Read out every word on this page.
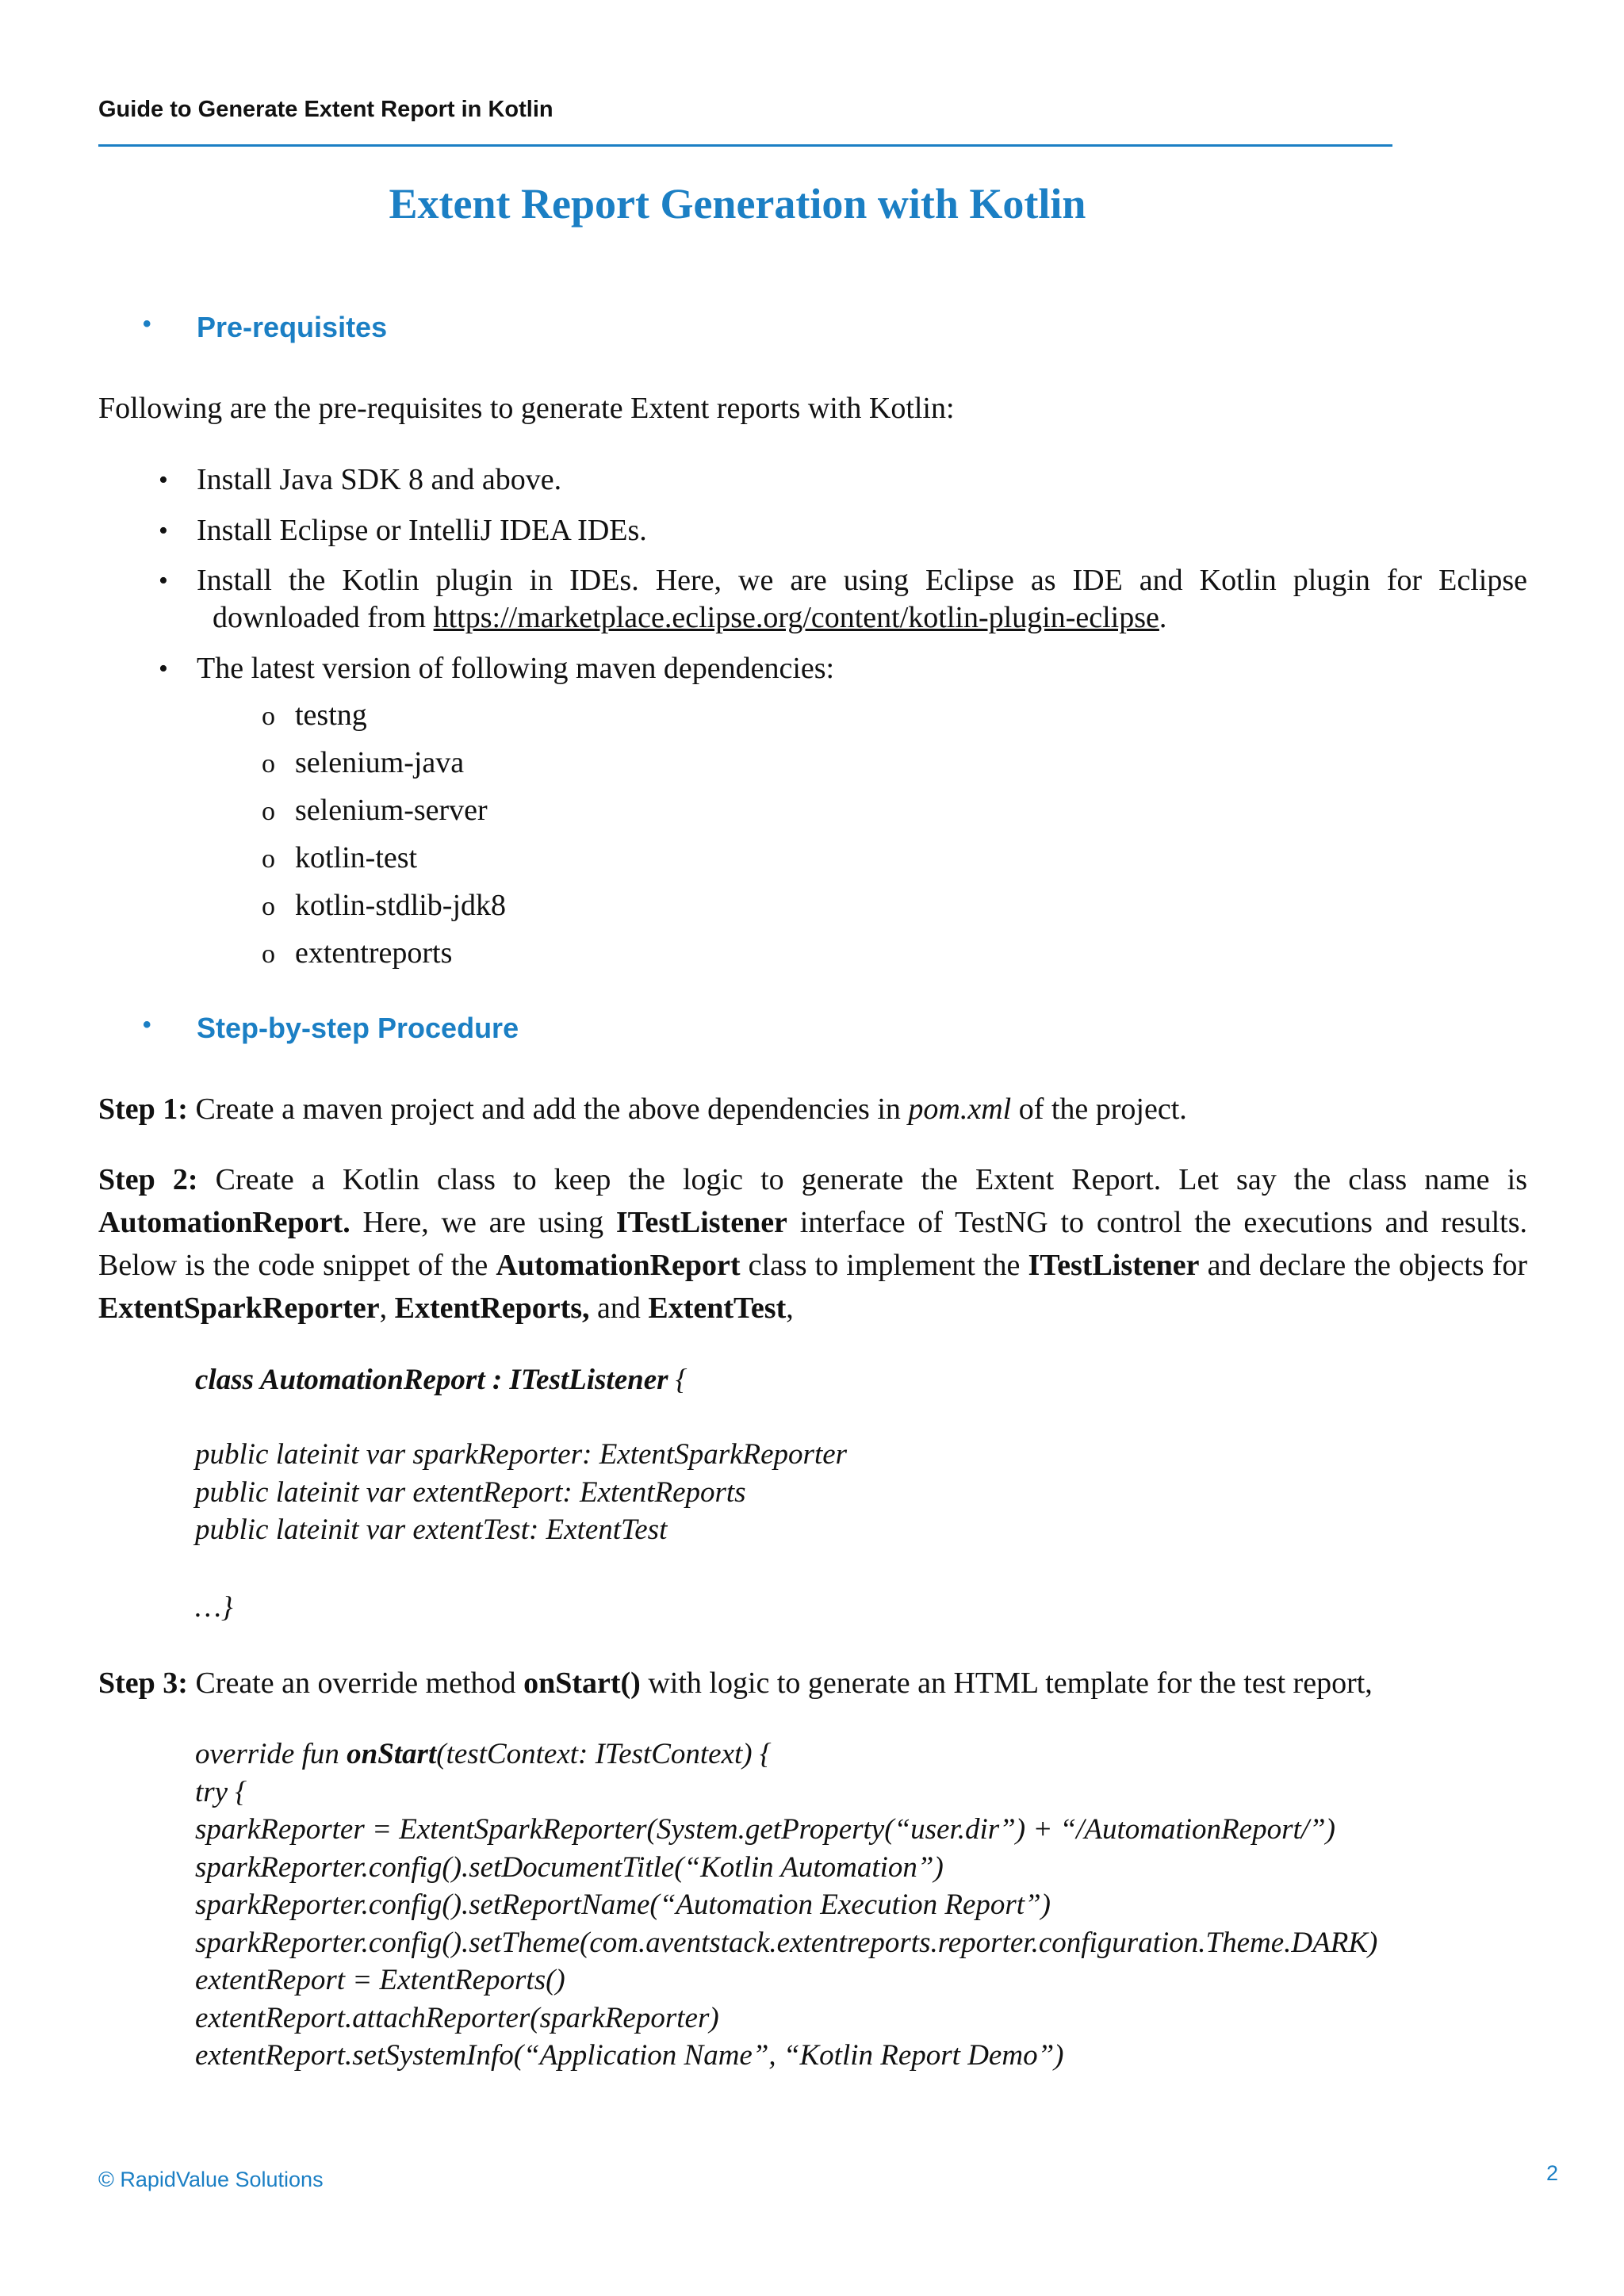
Guide to Generate Extent Report in Kotlin
Extent Report Generation with Kotlin
• Pre-requisites
Following are the pre-requisites to generate Extent reports with Kotlin:
• Install Java SDK 8 and above.
• Install Eclipse or IntelliJ IDEA IDEs.
• Install the Kotlin plugin in IDEs. Here, we are using Eclipse as IDE and Kotlin plugin for Eclipse
downloaded from https://marketplace.eclipse.org/content/kotlin-plugin-eclipse.
• The latest version of following maven dependencies:
o testng
o selenium-java
o selenium-server
o kotlin-test
o kotlin-stdlib-jdk8
o extentreports
• Step-by-step Procedure
Step 1: Create a maven project and add the above dependencies in pom.xml of the project.
Step 2: Create a Kotlin class to keep the logic to generate the Extent Report. Let say the class name is AutomationReport. Here, we are using ITestListener interface of TestNG to control the executions and results. Below is the code snippet of the AutomationReport class to implement the ITestListener and declare the objects for ExtentSparkReporter, ExtentReports, and ExtentTest,
class AutomationReport : ITestListener {
public lateinit var sparkReporter: ExtentSparkReporter
public lateinit var extentReport: ExtentReports
public lateinit var extentTest: ExtentTest
…}
Step 3: Create an override method onStart() with logic to generate an HTML template for the test report,
override fun onStart(testContext: ITestContext) {
try {
sparkReporter = ExtentSparkReporter(System.getProperty(“user.dir”) + “/AutomationReport/”)
sparkReporter.config().setDocumentTitle(“Kotlin Automation”)
sparkReporter.config().setReportName(“Automation Execution Report”)
sparkReporter.config().setTheme(com.aventstack.extentreports.reporter.configuration.Theme.DARK)
extentReport = ExtentReports()
extentReport.attachReporter(sparkReporter)
extentReport.setSystemInfo(“Application Name”, “Kotlin Report Demo”)
© RapidValue Solutions	2
